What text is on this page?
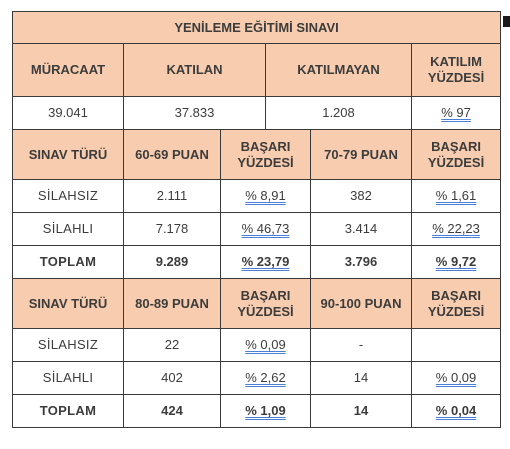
YENİLEME EĞİTİMİ SINAVI					
MÜRACAAT	KATILAN		KATILMAYAN		KATILIM YÜZDESİ
39.041	37.833		1.208		% 97
SINAV TÜRÜ	60-69 PUAN	BAŞARI YÜZDESİ		70-79 PUAN	BAŞARI YÜZDESİ
SİLAHSIZ	2.111	% 8,91		382	% 1,61
SİLAHLI	7.178	% 46,73		3.414	% 22,23
TOPLAM	9.289	% 23,79		3.796	% 9,72
SINAV TÜRÜ	80-89 PUAN	BAŞARI YÜZDESİ		90-100 PUAN	BAŞARI YÜZDESİ
SİLAHSIZ	22	% 0,09		-	
SİLAHLI	402	% 2,62		14	% 0,09
TOPLAM	424	% 1,09		14	% 0,04
